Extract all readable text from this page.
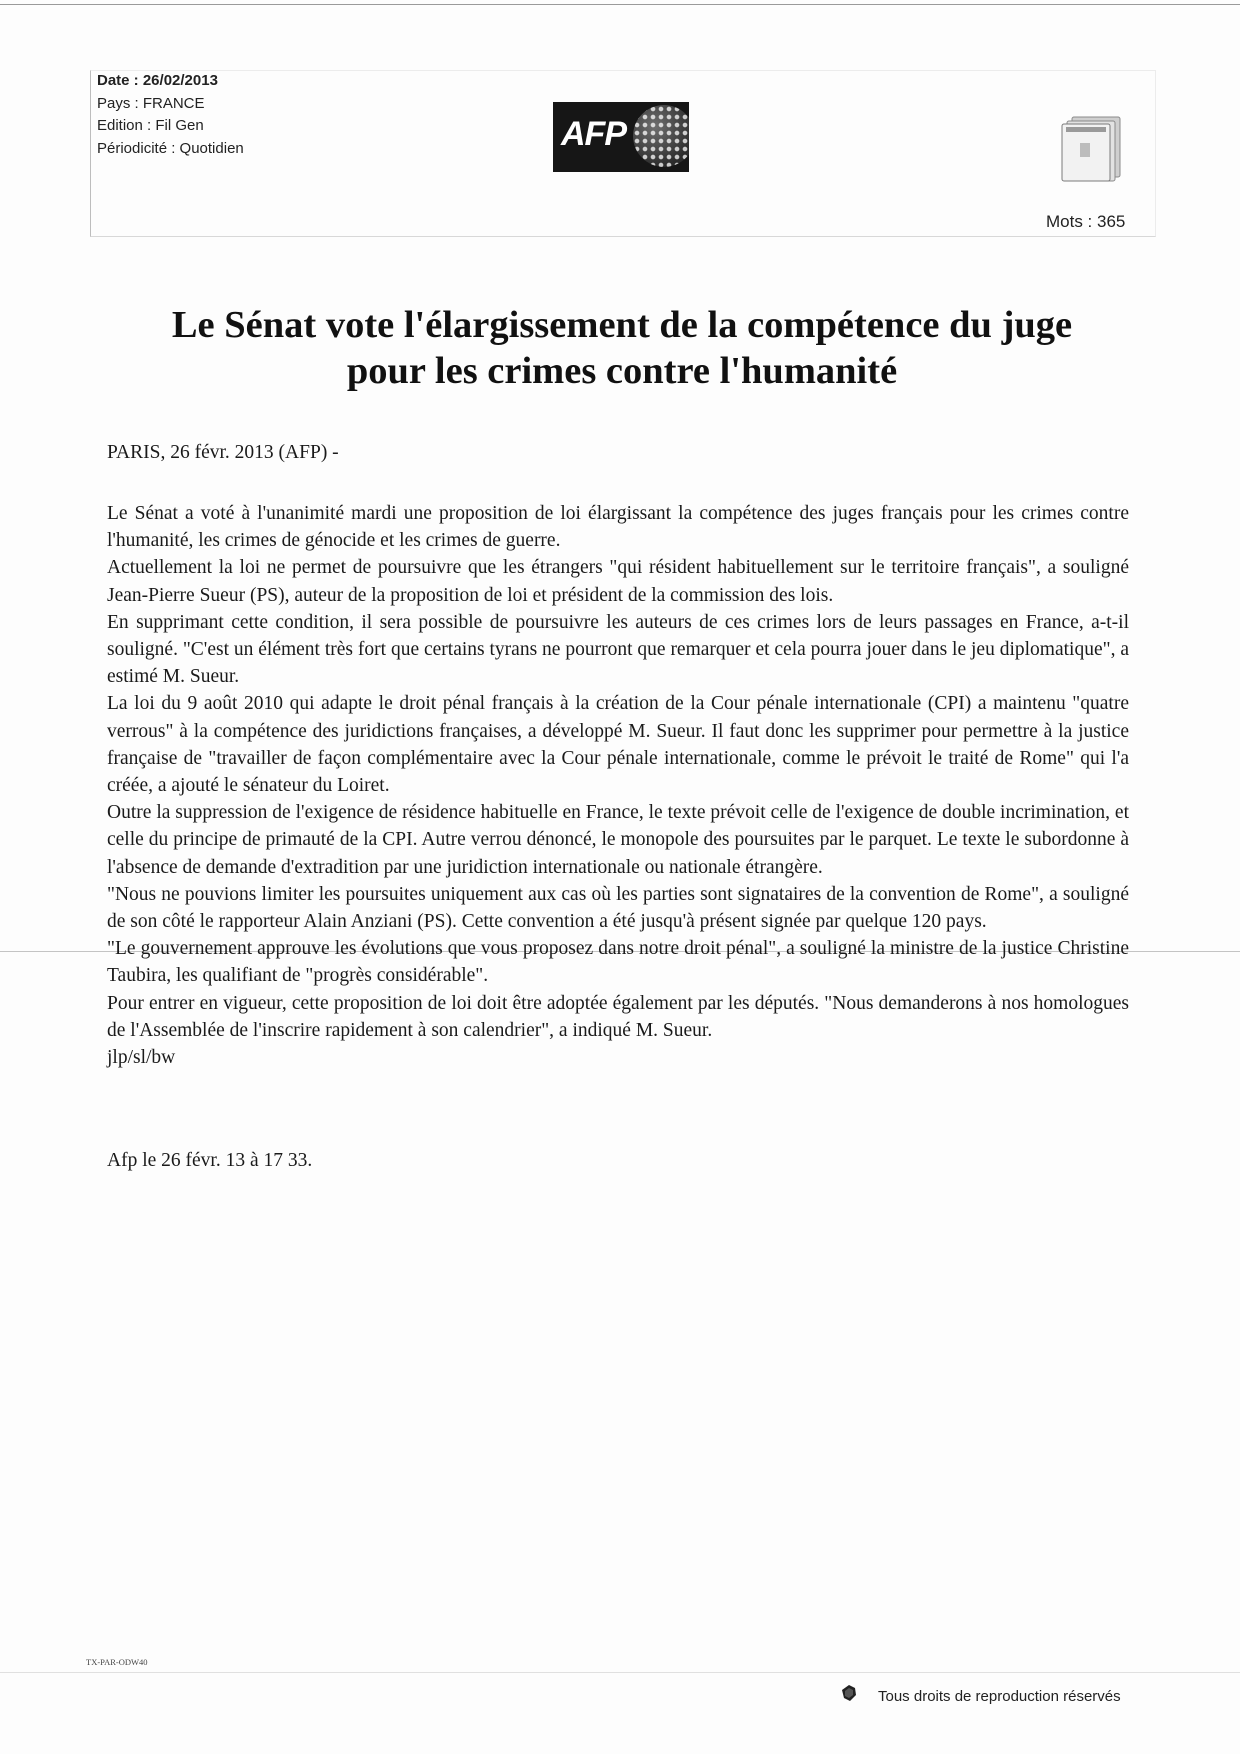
Date : 26/02/2013
Pays : FRANCE
Edition : Fil Gen
Périodicité : Quotidien	AFP
Mots : 365
Le Sénat vote l'élargissement de la compétence du juge
pour les crimes contre l'humanité
PARIS, 26 févr. 2013 (AFP) -

Le Sénat a voté à l'unanimité mardi une proposition de loi élargissant la compétence des juges français pour les crimes contre l'humanité, les crimes de génocide et les crimes de guerre.

Actuellement la loi ne permet de poursuivre que les étrangers "qui résident habituellement sur le territoire français", a souligné Jean-Pierre Sueur (PS), auteur de la proposition de loi et président de la commission des lois.

En supprimant cette condition, il sera possible de poursuivre les auteurs de ces crimes lors de leurs passages en France, a-t-il souligné. "C'est un élément très fort que certains tyrans ne pourront que remarquer et cela pourra jouer dans le jeu diplomatique", a estimé M. Sueur.

La loi du 9 août 2010 qui adapte le droit pénal français à la création de la Cour pénale internationale (CPI) a maintenu "quatre verrous" à la compétence des juridictions françaises, a développé M. Sueur. Il faut donc les supprimer pour permettre à la justice française de "travailler de façon complémentaire avec la Cour pénale internationale, comme le prévoit le traité de Rome" qui l'a créée, a ajouté le sénateur du Loiret.

Outre la suppression de l'exigence de résidence habituelle en France, le texte prévoit celle de l'exigence de double incrimination, et celle du principe de primauté de la CPI. Autre verrou dénoncé, le monopole des poursuites par le parquet. Le texte le subordonne à l'absence de demande d'extradition par une juridiction internationale ou nationale étrangère.

"Nous ne pouvions limiter les poursuites uniquement aux cas où les parties sont signataires de la convention de Rome", a souligné de son côté le rapporteur Alain Anziani (PS). Cette convention a été jusqu'à présent signée par quelque 120 pays.

"Le gouvernement approuve les évolutions que vous proposez dans notre droit pénal", a souligné la ministre de la justice Christine Taubira, les qualifiant de "progrès considérable".

Pour entrer en vigueur, cette proposition de loi doit être adoptée également par les députés. "Nous demanderons à nos homologues de l'Assemblée de l'inscrire rapidement à son calendrier", a indiqué M. Sueur.

jlp/sl/bw

Afp le 26 févr. 13 à 17 33.
TX-PAR-ODW40
Tous droits de reproduction réservés
